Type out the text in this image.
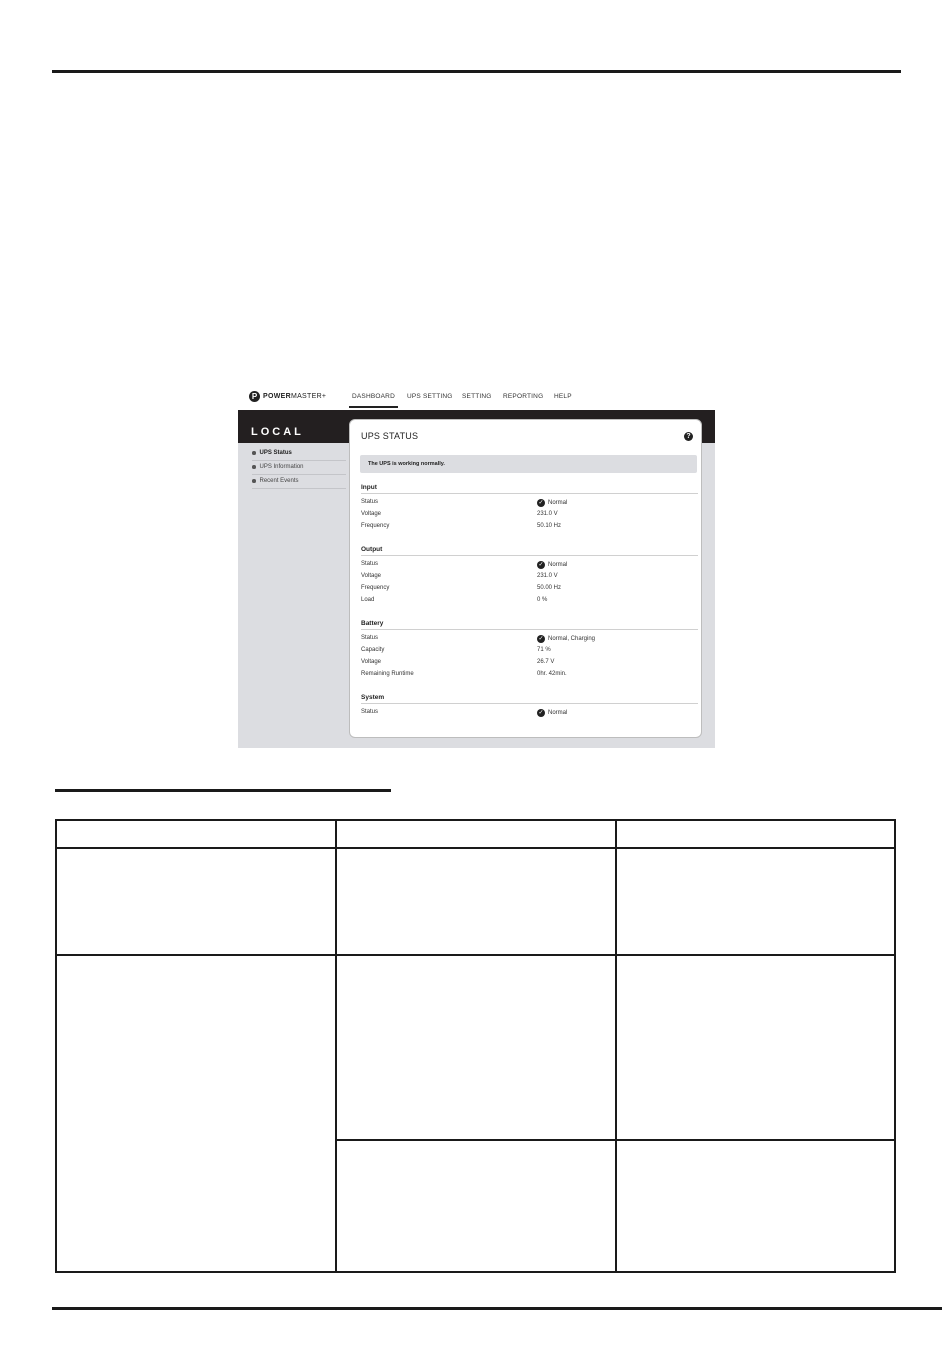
P POWERMASTER+	DASHBOARD UPS SETTING SETTING REPORTING HELP
LOCAL
UPS Status
UPS Information
Recent Events
UPS STATUS	?
The UPS is working normally.
Input
Status	✓ Normal
Voltage	231.0 V
Frequency	50.10 Hz
Output
Status	✓ Normal
Voltage	231.0 V
Frequency	50.00 Hz
Load	0 %
Battery
Status	✓ Normal, Charging
Capacity	71 %
Voltage	26.7 V
Remaining Runtime	0hr. 42min.
System
Status	✓ Normal
